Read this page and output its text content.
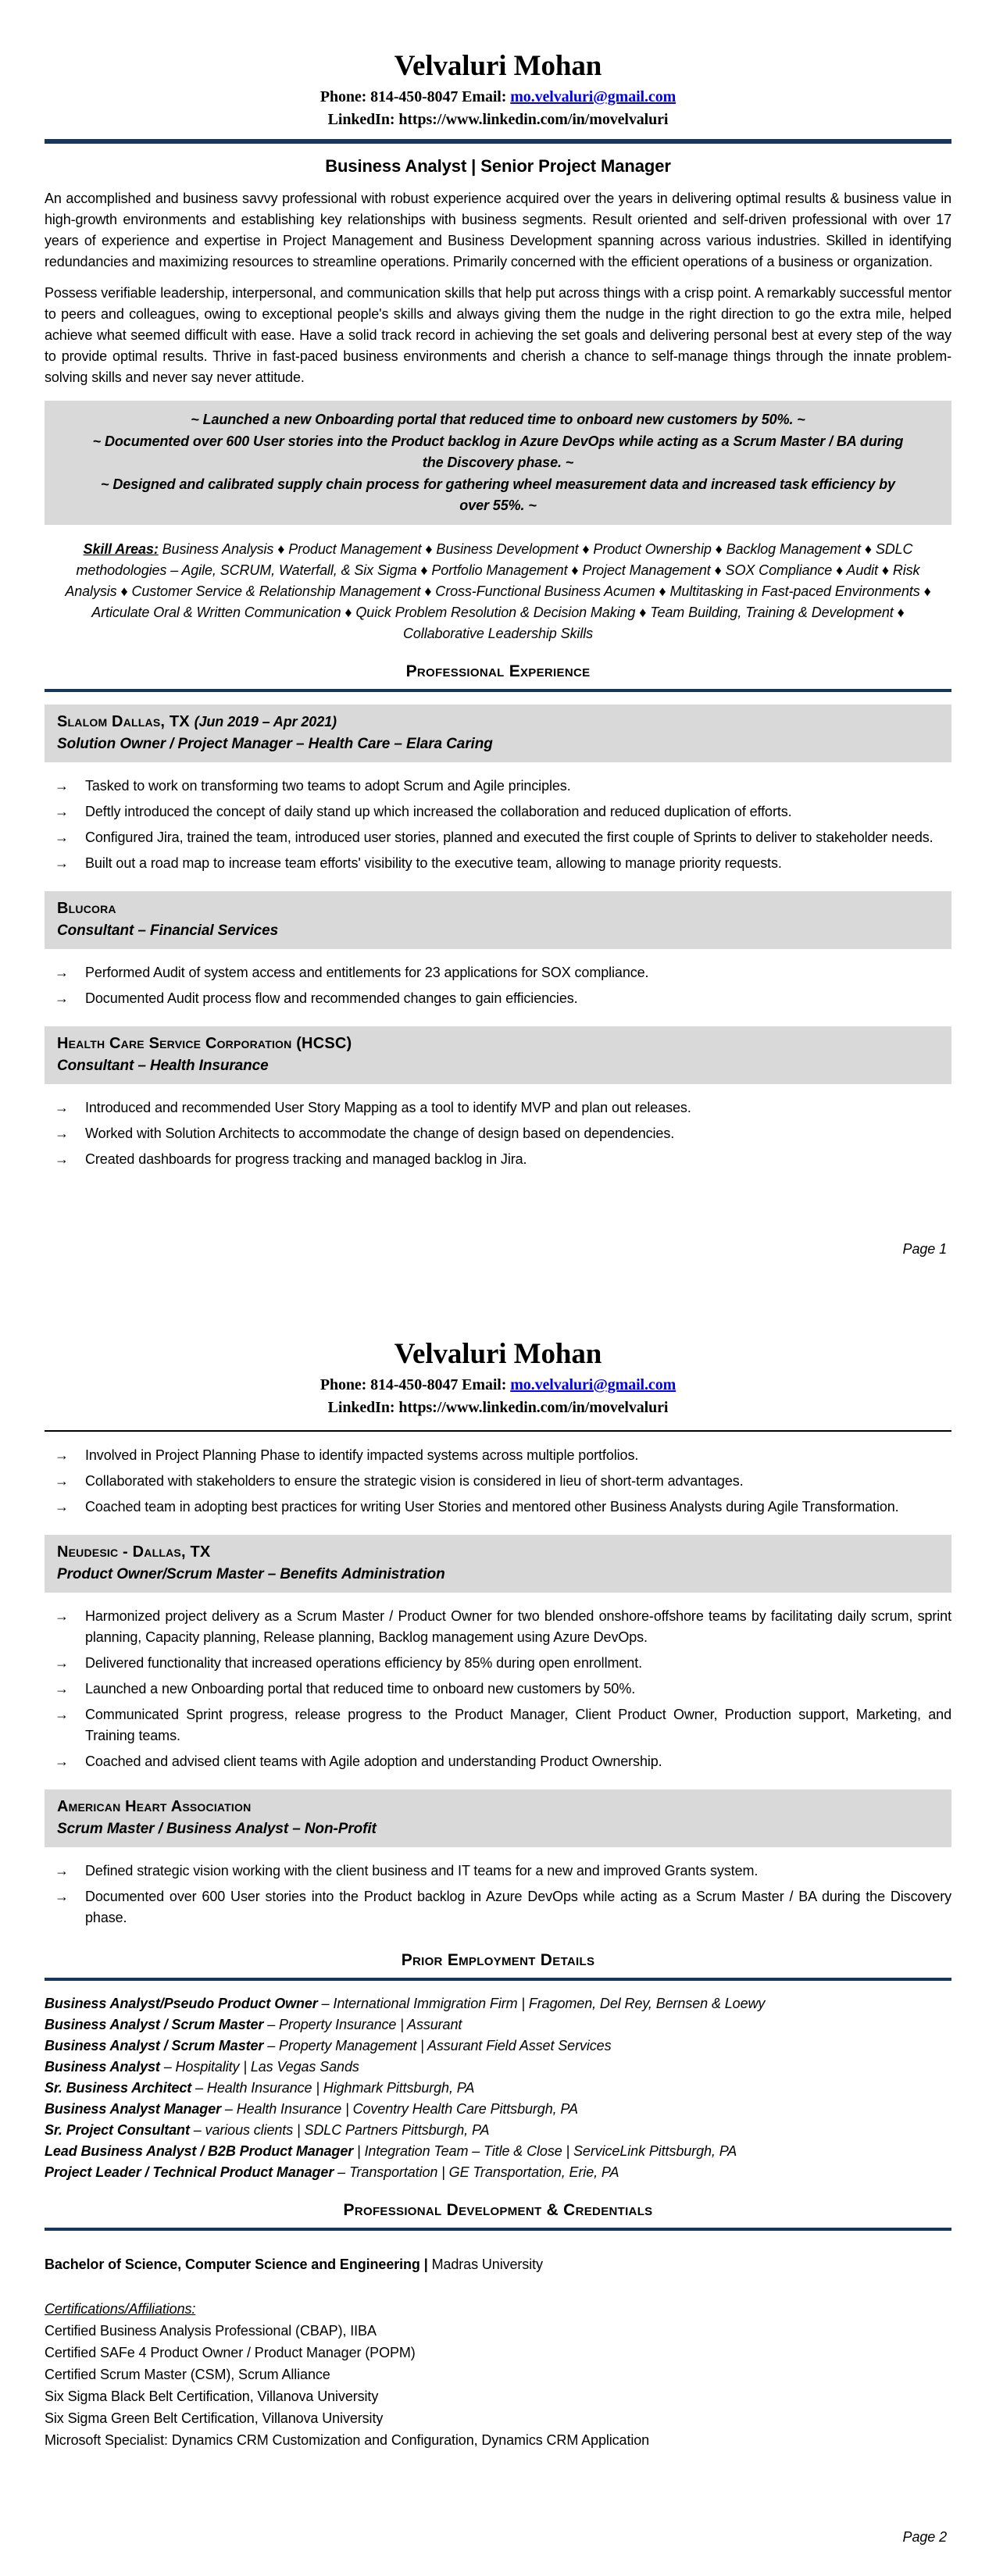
Velvaluri Mohan
Phone: 814-450-8047 Email: mo.velvaluri@gmail.com
LinkedIn: https://www.linkedin.com/in/movelvaluri
Business Analyst | Senior Project Manager

An accomplished and business savvy professional with robust experience acquired over the years in delivering optimal results & business value in high-growth environments and establishing key relationships with business segments. Result oriented and self-driven professional with over 17 years of experience and expertise in Project Management and Business Development spanning across various industries. Skilled in identifying redundancies and maximizing resources to streamline operations. Primarily concerned with the efficient operations of a business or organization.

Possess verifiable leadership, interpersonal, and communication skills that help put across things with a crisp point. A remarkably successful mentor to peers and colleagues, owing to exceptional people's skills and always giving them the nudge in the right direction to go the extra mile, helped achieve what seemed difficult with ease. Have a solid track record in achieving the set goals and delivering personal best at every step of the way to provide optimal results. Thrive in fast-paced business environments and cherish a chance to self-manage things through the innate problem-solving skills and never say never attitude.

~ Launched a new Onboarding portal that reduced time to onboard new customers by 50%. ~
~ Documented over 600 User stories into the Product backlog in Azure DevOps while acting as a Scrum Master / BA during the Discovery phase. ~
~ Designed and calibrated supply chain process for gathering wheel measurement data and increased task efficiency by over 55%. ~

Skill Areas: Business Analysis ♦ Product Management ♦ Business Development ♦ Product Ownership ♦ Backlog Management ♦ SDLC methodologies – Agile, SCRUM, Waterfall, & Six Sigma ♦ Portfolio Management ♦ Project Management ♦ SOX Compliance ♦ Audit ♦ Risk Analysis ♦ Customer Service & Relationship Management ♦ Cross-Functional Business Acumen ♦ Multitasking in Fast-paced Environments ♦ Articulate Oral & Written Communication ♦ Quick Problem Resolution & Decision Making ♦ Team Building, Training & Development ♦ Collaborative Leadership Skills

Professional Experience
Slalom Dallas, TX (Jun 2019 – Apr 2021)
Solution Owner / Project Manager – Health Care – Elara Caring
→ Tasked to work on transforming two teams to adopt Scrum and Agile principles.
→ Deftly introduced the concept of daily stand up which increased the collaboration and reduced duplication of efforts.
→ Configured Jira, trained the team, introduced user stories, planned and executed the first couple of Sprints to deliver to stakeholder needs.
→ Built out a road map to increase team efforts' visibility to the executive team, allowing to manage priority requests.
Blucora
Consultant – Financial Services
→ Performed Audit of system access and entitlements for 23 applications for SOX compliance.
→ Documented Audit process flow and recommended changes to gain efficiencies.
Health Care Service Corporation (HCSC)
Consultant – Health Insurance
→ Introduced and recommended User Story Mapping as a tool to identify MVP and plan out releases.
→ Worked with Solution Architects to accommodate the change of design based on dependencies.
→ Created dashboards for progress tracking and managed backlog in Jira.
Page 1
Velvaluri Mohan
Phone: 814-450-8047 Email: mo.velvaluri@gmail.com
LinkedIn: https://www.linkedin.com/in/movelvaluri
→ Involved in Project Planning Phase to identify impacted systems across multiple portfolios.
→ Collaborated with stakeholders to ensure the strategic vision is considered in lieu of short-term advantages.
→ Coached team in adopting best practices for writing User Stories and mentored other Business Analysts during Agile Transformation.
Neudesic - Dallas, TX
Product Owner/Scrum Master – Benefits Administration
→ Harmonized project delivery as a Scrum Master / Product Owner for two blended onshore-offshore teams by facilitating daily scrum, sprint planning, Capacity planning, Release planning, Backlog management using Azure DevOps.
→ Delivered functionality that increased operations efficiency by 85% during open enrollment.
→ Launched a new Onboarding portal that reduced time to onboard new customers by 50%.
→ Communicated Sprint progress, release progress to the Product Manager, Client Product Owner, Production support, Marketing, and Training teams.
→ Coached and advised client teams with Agile adoption and understanding Product Ownership.
American Heart Association
Scrum Master / Business Analyst – Non-Profit
→ Defined strategic vision working with the client business and IT teams for a new and improved Grants system.
→ Documented over 600 User stories into the Product backlog in Azure DevOps while acting as a Scrum Master / BA during the Discovery phase.
Prior Employment Details
Business Analyst/Pseudo Product Owner – International Immigration Firm | Fragomen, Del Rey, Bernsen & Loewy
Business Analyst / Scrum Master – Property Insurance | Assurant
Business Analyst / Scrum Master – Property Management | Assurant Field Asset Services
Business Analyst – Hospitality | Las Vegas Sands
Sr. Business Architect – Health Insurance | Highmark Pittsburgh, PA
Business Analyst Manager – Health Insurance | Coventry Health Care Pittsburgh, PA
Sr. Project Consultant – various clients | SDLC Partners Pittsburgh, PA
Lead Business Analyst / B2B Product Manager | Integration Team – Title & Close | ServiceLink Pittsburgh, PA
Project Leader / Technical Product Manager – Transportation | GE Transportation, Erie, PA
Professional Development & Credentials
Bachelor of Science, Computer Science and Engineering | Madras University
Certifications/Affiliations:
Certified Business Analysis Professional (CBAP), IIBA
Certified SAFe 4 Product Owner / Product Manager (POPM)
Certified Scrum Master (CSM), Scrum Alliance
Six Sigma Black Belt Certification, Villanova University
Six Sigma Green Belt Certification, Villanova University
Microsoft Specialist: Dynamics CRM Customization and Configuration, Dynamics CRM Application
Page 2
